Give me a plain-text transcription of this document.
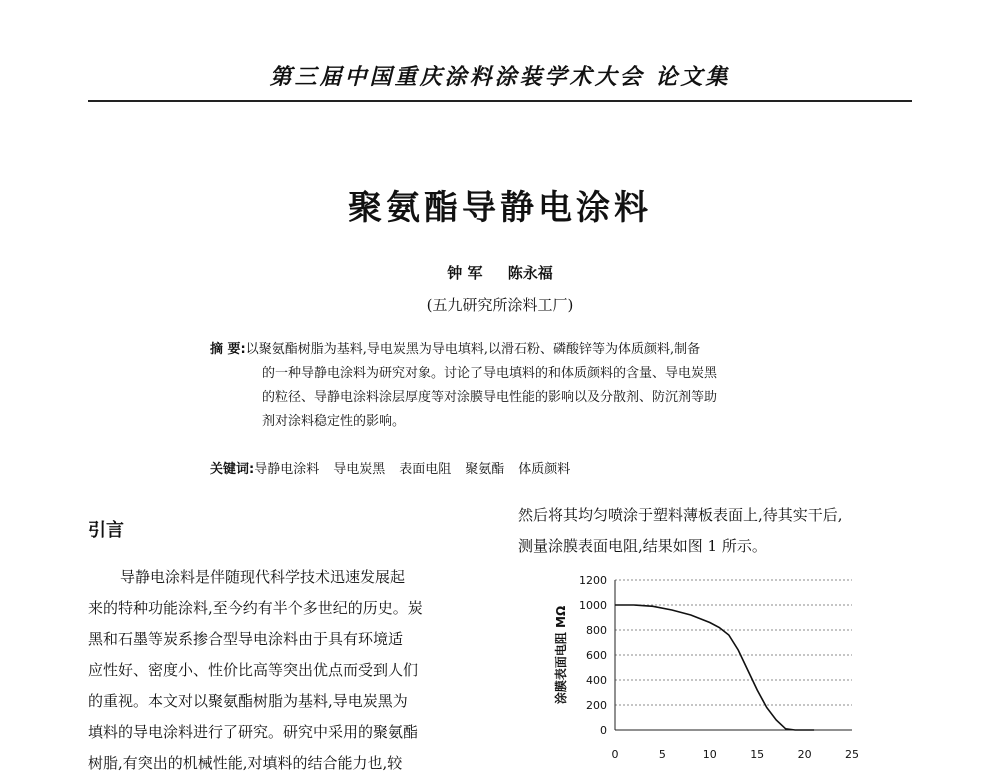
第三届中国重庆涂料涂装学术大会 论文集
聚氨酯导静电涂料
钟 军 陈永福
(五九研究所涂料工厂)
摘 要:以聚氨酯树脂为基料,导电炭黑为导电填料,以滑石粉、磷酸锌等为体质颜料,制备
的一种导静电涂料为研究对象。讨论了导电填料的和体质颜料的含量、导电炭黑
的粒径、导静电涂料涂层厚度等对涂膜导电性能的影响以及分散剂、防沉剂等助
剂对涂料稳定性的影响。
关键词:导静电涂料 导电炭黑 表面电阻 聚氨酯 体质颜料
引言
导静电涂料是伴随现代科学技术迅速发展起
来的特种功能涂料,至今约有半个多世纪的历史。炭
黑和石墨等炭系掺合型导电涂料由于具有环境适
应性好、密度小、性价比高等突出优点而受到人们
的重视。本文对以聚氨酯树脂为基料,导电炭黑为
填料的导电涂料进行了研究。研究中采用的聚氨酯
树脂,有突出的机械性能,对填料的结合能力也,较
然后将其均匀喷涂于塑料薄板表面上,待其实干后,
测量涂膜表面电阻,结果如图 1 所示。
0
200
400
600
800
1000
1200
0	5	10	15	20	25
涂膜表面电阻 MΩ
